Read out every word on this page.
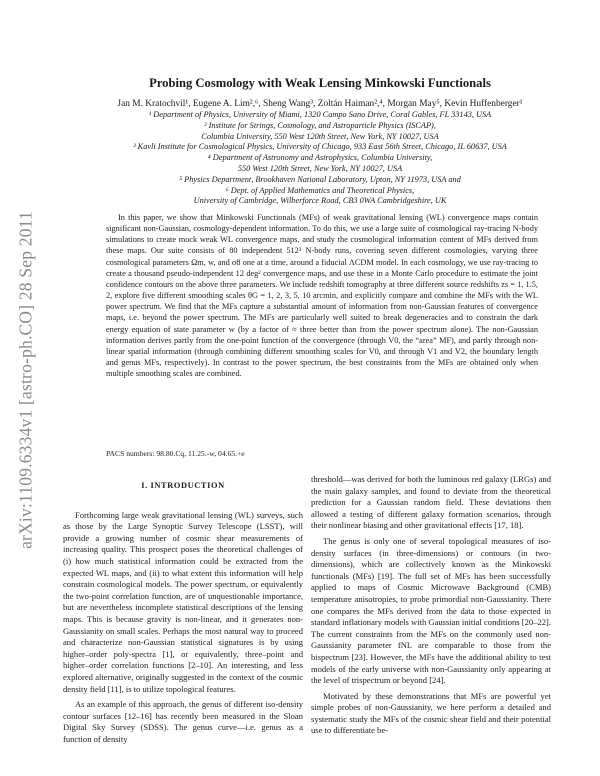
arXiv:1109.6334v1 [astro-ph.CO] 28 Sep 2011
Probing Cosmology with Weak Lensing Minkowski Functionals
Jan M. Kratochvil¹, Eugene A. Lim²,⁶, Sheng Wang³, Zoltán Haiman²,⁴, Morgan May⁵, Kevin Huffenberger¹
¹ Department of Physics, University of Miami, 1320 Campo Sano Drive, Coral Gables, FL 33143, USA
² Institute for Strings, Cosmology, and Astroparticle Physics (ISCAP),
Columbia University, 550 West 120th Street, New York, NY 10027, USA
³ Kavli Institute for Cosmological Physics, University of Chicago, 933 East 56th Street, Chicago, IL 60637, USA
⁴ Department of Astronomy and Astrophysics, Columbia University,
550 West 120th Street, New York, NY 10027, USA
⁵ Physics Department, Brookhaven National Laboratory, Upton, NY 11973, USA and
⁶ Dept. of Applied Mathematics and Theoretical Physics,
University of Cambridge, Wilberforce Road, CB3 0WA Cambridgeshire, UK

In this paper, we show that Minkowski Functionals (MFs) of weak gravitational lensing (WL) convergence maps contain significant non-Gaussian, cosmology-dependent information. To do this, we use a large suite of cosmological ray-tracing N-body simulations to create mock weak WL convergence maps, and study the cosmological information content of MFs derived from these maps. Our suite consists of 80 independent 512³ N-body runs, covering seven different cosmologies, varying three cosmological parameters Ωm, w, and σ8 one at a time, around a fiducial ΛCDM model. In each cosmology, we use ray-tracing to create a thousand pseudo-independent 12 deg² convergence maps, and use these in a Monte Carlo procedure to estimate the joint confidence contours on the above three parameters. We include redshift tomography at three different source redshifts zs = 1, 1.5, 2, explore five different smoothing scales θG = 1, 2, 3, 5, 10 arcmin, and explicitly compare and combine the MFs with the WL power spectrum. We find that the MFs capture a substantial amount of information from non-Gaussian features of convergence maps, i.e. beyond the power spectrum. The MFs are particularly well suited to break degeneracies and to constrain the dark energy equation of state parameter w (by a factor of ≈ three better than from the power spectrum alone). The non-Gaussian information derives partly from the one-point function of the convergence (through V0, the “area” MF), and partly through non-linear spatial information (through combining different smoothing scales for V0, and through V1 and V2, the boundary length and genus MFs, respectively). In contrast to the power spectrum, the best constraints from the MFs are obtained only when multiple smoothing scales are combined.

PACS numbers: 98.80.Cq, 11.25.-w, 04.65.+e
I. INTRODUCTION

Forthcoming large weak gravitational lensing (WL) surveys, such as those by the Large Synoptic Survey Telescope (LSST), will provide a growing number of cosmic shear measurements of increasing quality. This prospect poses the theoretical challenges of (i) how much statistical information could be extracted from the expected WL maps, and (ii) to what extent this information will help constrain cosmological models. The power spectrum, or equivalently the two-point correlation function, are of unquestionable importance, but are nevertheless incomplete statistical descriptions of the lensing maps. This is because gravity is non-linear, and it generates non-Gaussianity on small scales. Perhaps the most natural way to proceed and characterize non-Gaussian statistical signatures is by using higher–order poly-spectra [1], or equivalently, three–point and higher–order correlation functions [2–10]. An interesting, and less explored alternative, originally suggested in the context of the cosmic density field [11], is to utilize topological features.

As an example of this approach, the genus of different iso-density contour surfaces [12–16] has recently been measured in the Sloan Digital Sky Survey (SDSS). The genus curve—i.e. genus as a function of density

threshold—was derived for both the luminous red galaxy (LRGs) and the main galaxy samples, and found to deviate from the theoretical prediction for a Gaussian random field. These deviations then allowed a testing of different galaxy formation scenarios, through their nonlinear biasing and other gravitational effects [17, 18].

The genus is only one of several topological measures of iso-density surfaces (in three-dimensions) or contours (in two-dimensions), which are collectively known as the Minkowski functionals (MFs) [19]. The full set of MFs has been successfully applied to maps of Cosmic Microwave Background (CMB) temperature anisotropies, to probe primordial non-Gaussianity. There one compares the MFs derived from the data to those expected in standard inflationary models with Gaussian initial conditions [20–22]. The current constraints from the MFs on the commonly used non-Gaussianity parameter fNL are comparable to those from the bispectrum [23]. However, the MFs have the additional ability to test models of the early universe with non-Gaussianity only appearing at the level of trispectrum or beyond [24].

Motivated by these demonstrations that MFs are powerful yet simple probes of non-Gaussianity, we here perform a detailed and systematic study the MFs of the cosmic shear field and their potential use to differentiate be-
